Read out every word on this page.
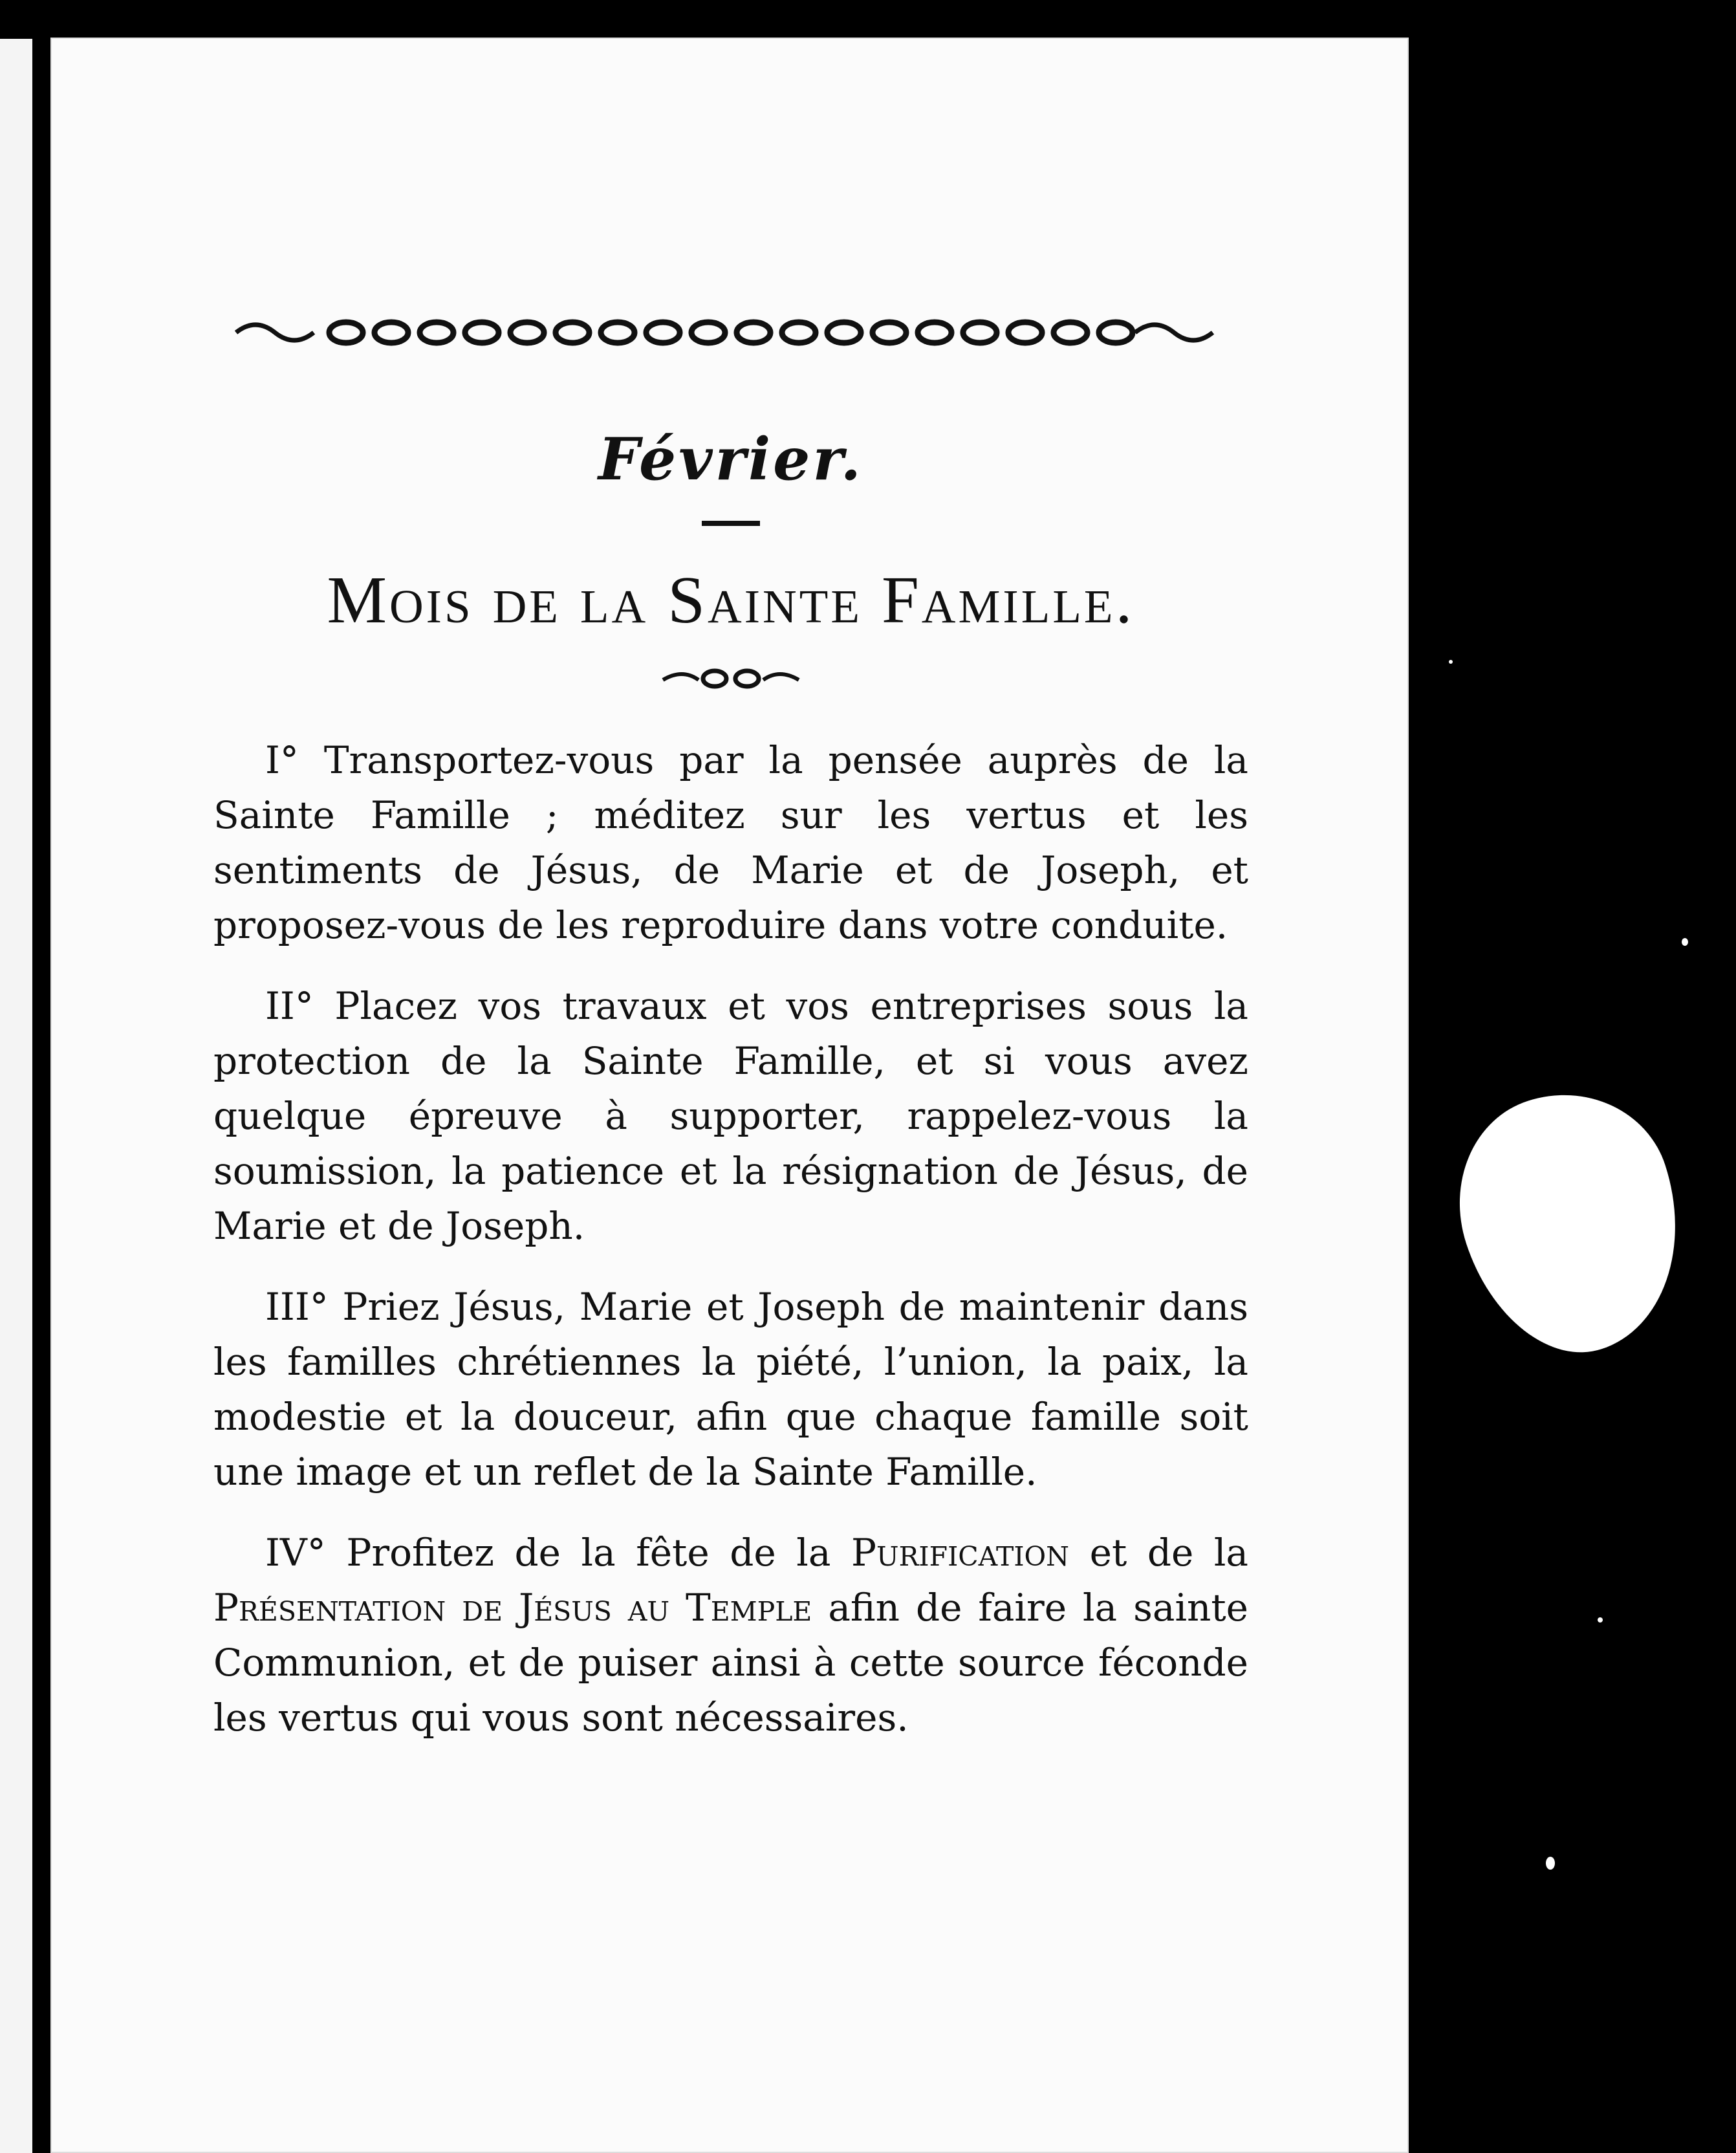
Février.
Mois de la Sainte Famille.

I° Transportez-vous par la pensée auprès de la Sainte Famille ; méditez sur les vertus et les sentiments de Jésus, de Marie et de Joseph, et proposez-vous de les reproduire dans votre conduite.

II° Placez vos travaux et vos entreprises sous la protection de la Sainte Famille, et si vous avez quelque épreuve à supporter, rappelez-vous la soumission, la patience et la résignation de Jésus, de Marie et de Joseph.

III° Priez Jésus, Marie et Joseph de maintenir dans les familles chrétiennes la piété, l’union, la paix, la modestie et la douceur, afin que chaque famille soit une image et un reflet de la Sainte Famille.

IV° Profitez de la fête de la Purification et de la Présentation de Jésus au Temple afin de faire la sainte Communion, et de puiser ainsi à cette source féconde les vertus qui vous sont nécessaires.
